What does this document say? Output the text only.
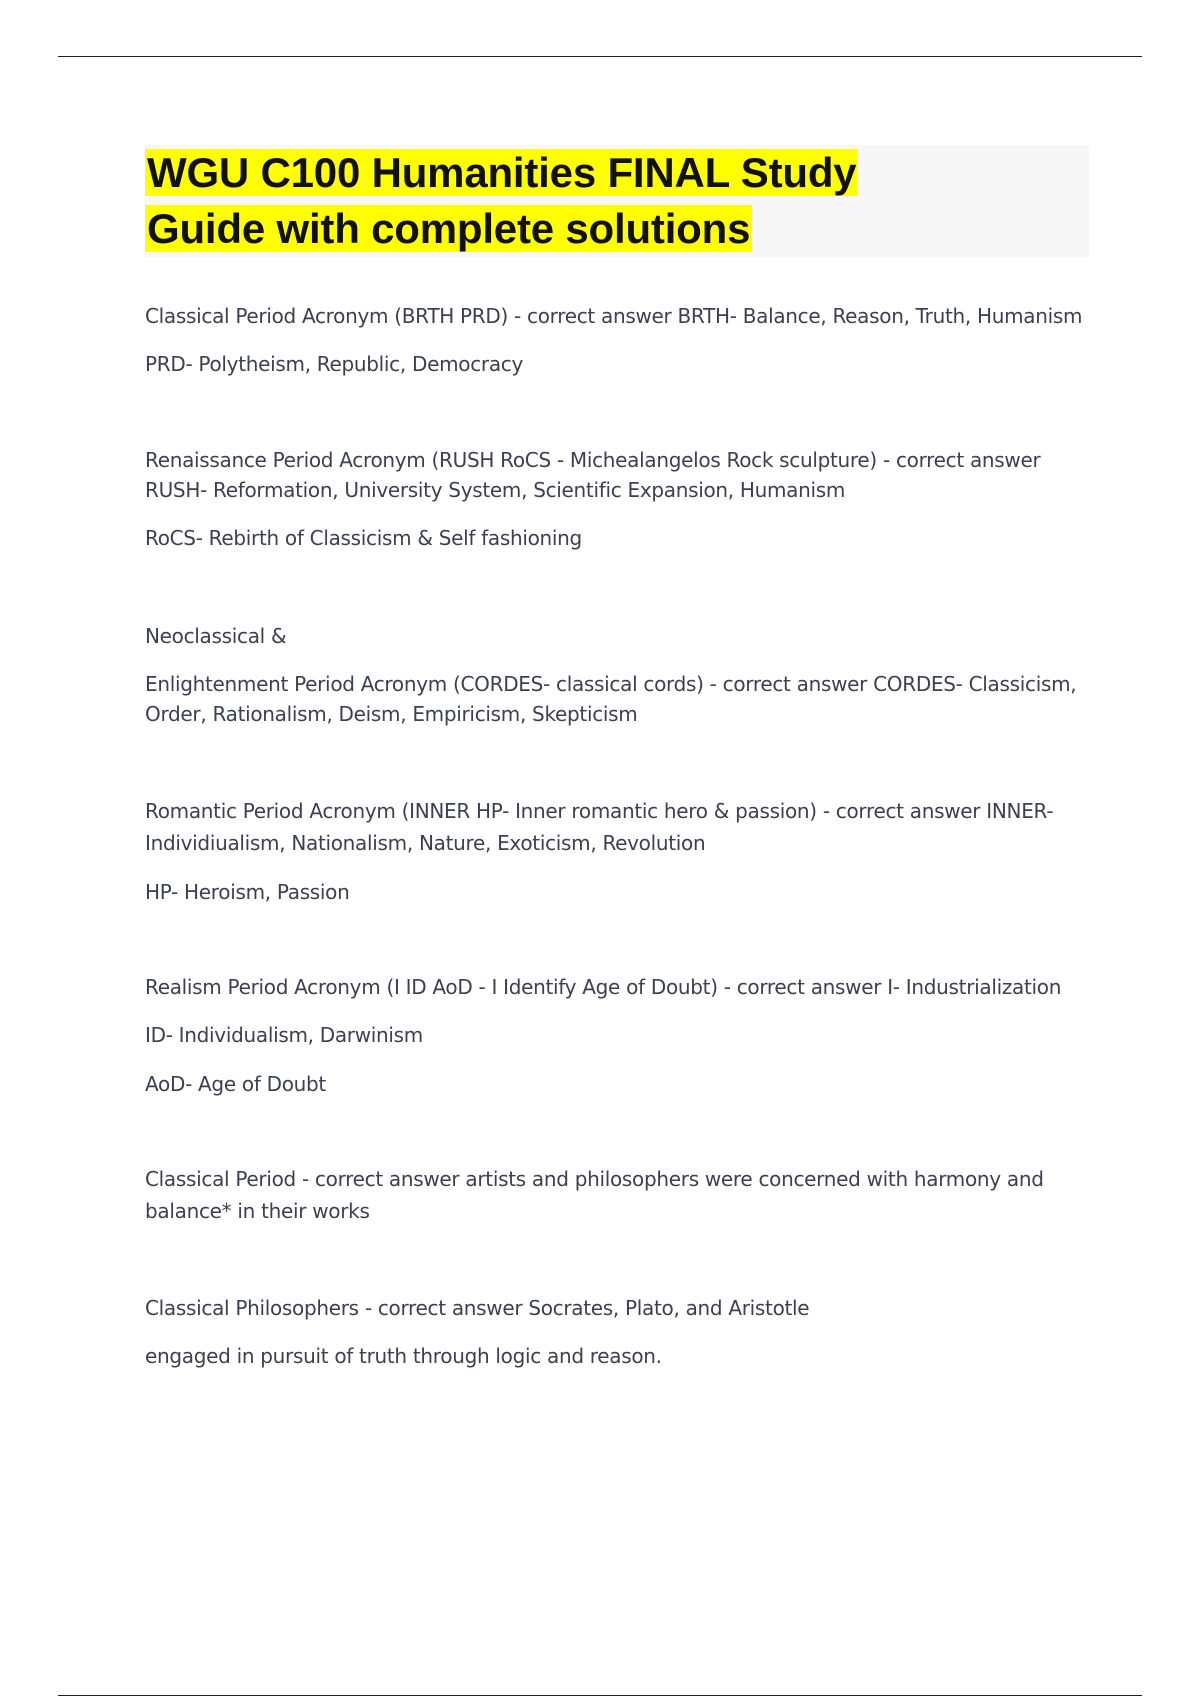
WGU C100 Humanities FINAL Study
Guide with complete solutions

Classical Period Acronym (BRTH PRD) - correct answer BRTH- Balance, Reason, Truth, Humanism

PRD- Polytheism, Republic, Democracy

Renaissance Period Acronym (RUSH RoCS - Michealangelos Rock sculpture) - correct answer

RUSH- Reformation, University System, Scientific Expansion, Humanism

RoCS- Rebirth of Classicism & Self fashioning

Neoclassical &

Enlightenment Period Acronym (CORDES- classical cords) - correct answer CORDES- Classicism,

Order, Rationalism, Deism, Empiricism, Skepticism

Romantic Period Acronym (INNER HP- Inner romantic hero & passion) - correct answer INNER-

Individiualism, Nationalism, Nature, Exoticism, Revolution

HP- Heroism, Passion

Realism Period Acronym (I ID AoD - I Identify Age of Doubt) - correct answer I- Industrialization

ID- Individualism, Darwinism

AoD- Age of Doubt

Classical Period - correct answer artists and philosophers were concerned with harmony and

balance* in their works

Classical Philosophers - correct answer Socrates, Plato, and Aristotle

engaged in pursuit of truth through logic and reason.
